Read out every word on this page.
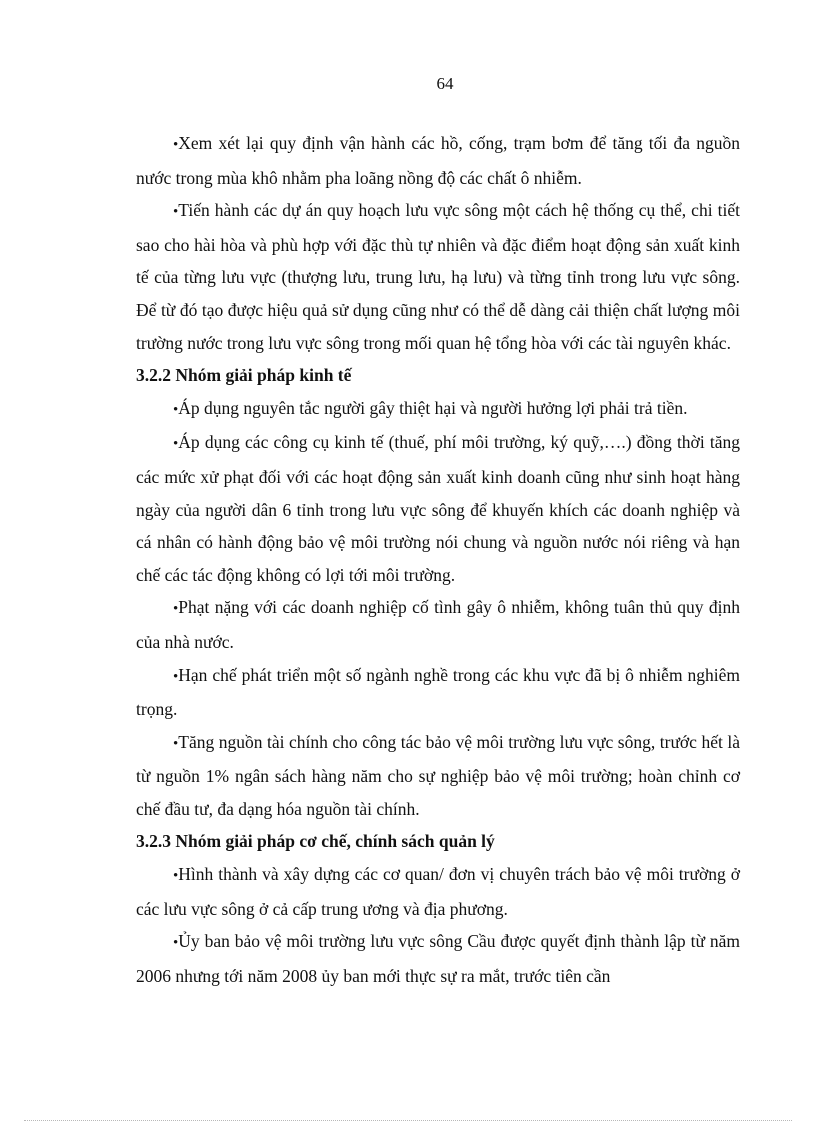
64

•Xem xét lại quy định vận hành các hồ, cống, trạm bơm để tăng tối đa nguồn nước trong mùa khô nhằm pha loãng nồng độ các chất ô nhiễm.

•Tiến hành các dự án quy hoạch lưu vực sông một cách hệ thống cụ thể, chi tiết sao cho hài hòa và phù hợp với đặc thù tự nhiên và đặc điểm hoạt động sản xuất kinh tế của từng lưu vực (thượng lưu, trung lưu, hạ lưu) và từng tỉnh trong lưu vực sông. Để từ đó tạo được hiệu quả sử dụng cũng như có thể dễ dàng cải thiện chất lượng môi trường nước trong lưu vực sông trong mối quan hệ tổng hòa với các tài nguyên khác.

3.2.2 Nhóm giải pháp kinh tế

•Áp dụng nguyên tắc người gây thiệt hại và người hưởng lợi phải trả tiền.

•Áp dụng các công cụ kinh tế (thuế, phí môi trường, ký quỹ,….) đồng thời tăng các mức xử phạt đối với các hoạt động sản xuất kinh doanh cũng như sinh hoạt hàng ngày của người dân 6 tỉnh trong lưu vực sông để khuyến khích các doanh nghiệp và cá nhân có hành động bảo vệ môi trường nói chung và nguồn nước nói riêng và hạn chế các tác động không có lợi tới môi trường.

•Phạt nặng với các doanh nghiệp cố tình gây ô nhiễm, không tuân thủ quy định của nhà nước.

•Hạn chế phát triển một số ngành nghề trong các khu vực đã bị ô nhiễm nghiêm trọng.

•Tăng nguồn tài chính cho công tác bảo vệ môi trường lưu vực sông, trước hết là từ nguồn 1% ngân sách hàng năm cho sự nghiệp bảo vệ môi trường; hoàn chỉnh cơ chế đầu tư, đa dạng hóa nguồn tài chính.

3.2.3 Nhóm giải pháp cơ chế, chính sách quản lý

•Hình thành và xây dựng các cơ quan/ đơn vị chuyên trách bảo vệ môi trường ở các lưu vực sông ở cả cấp trung ương và địa phương.

•Ủy ban bảo vệ môi trường lưu vực sông Cầu được quyết định thành lập từ năm 2006 nhưng tới năm 2008 ủy ban mới thực sự ra mắt, trước tiên cần
